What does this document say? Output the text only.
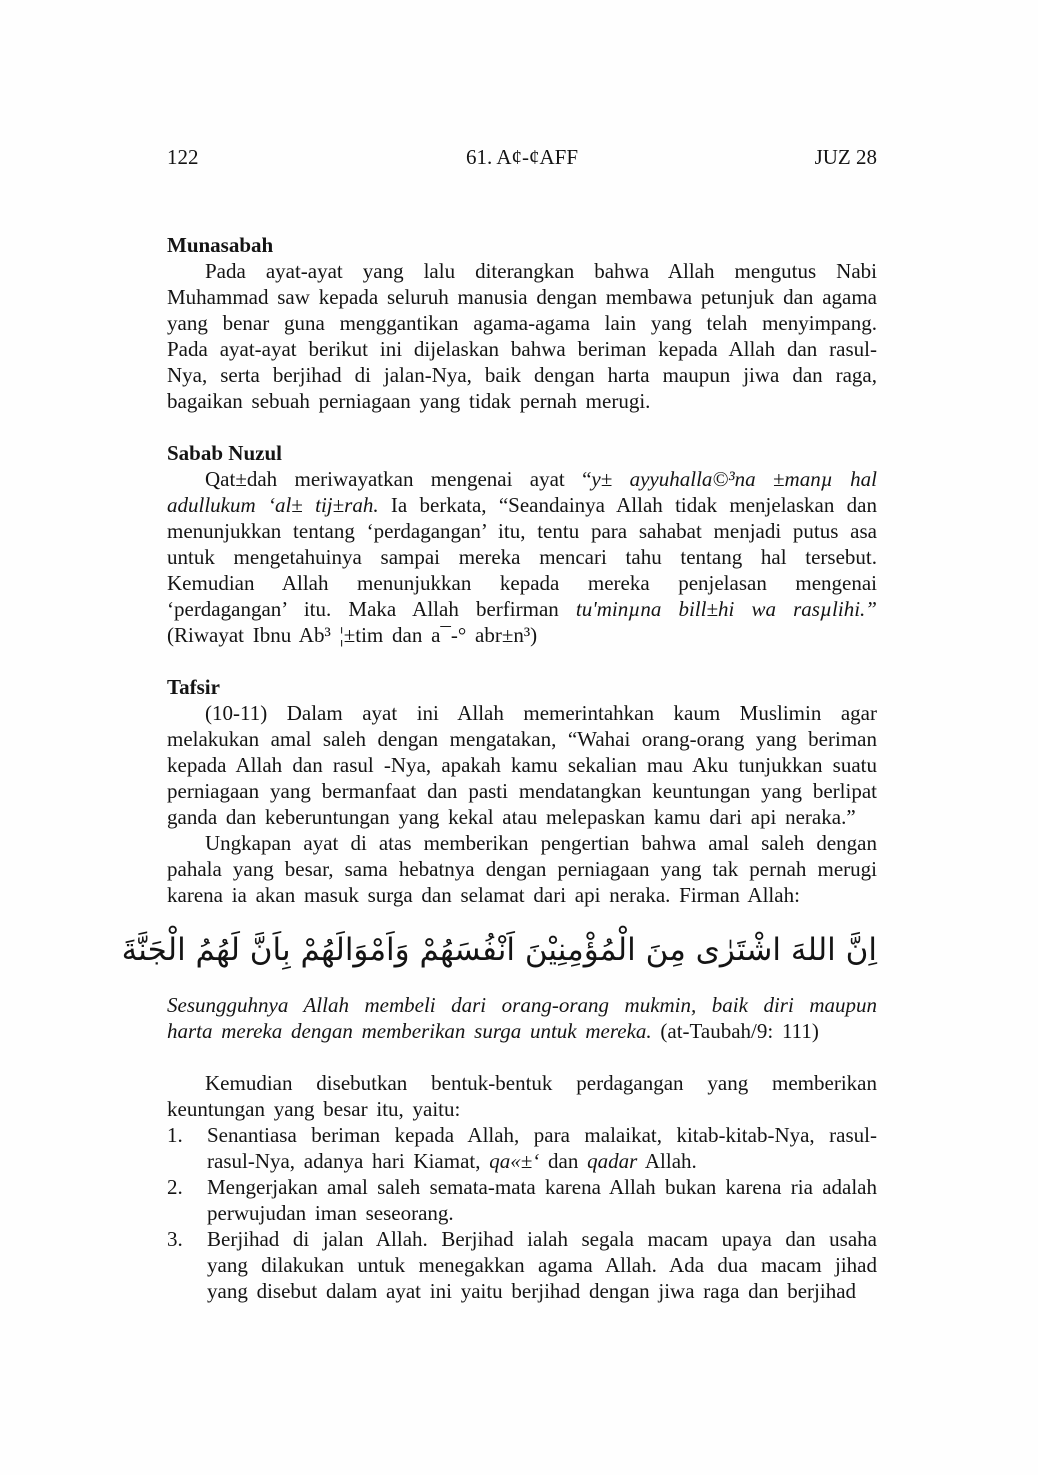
122	61. A¢-¢AFF	JUZ 28
Munasabah
Pada ayat-ayat yang lalu diterangkan bahwa Allah mengutus Nabi Muhammad saw kepada seluruh manusia dengan membawa petunjuk dan agama yang benar guna menggantikan agama-agama lain yang telah menyimpang. Pada ayat-ayat berikut ini dijelaskan bahwa beriman kepada Allah dan rasul-Nya, serta berjihad di jalan-Nya, baik dengan harta maupun jiwa dan raga, bagaikan sebuah perniagaan yang tidak pernah merugi.
Sabab Nuzul
Qat±dah meriwayatkan mengenai ayat “y± ayyuhalla©³na ±manµ hal adullukum ‘al± tij±rah. Ia berkata, “Seandainya Allah tidak menjelaskan dan menunjukkan tentang ‘perdagangan’ itu, tentu para sahabat menjadi putus asa untuk mengetahuinya sampai mereka mencari tahu tentang hal tersebut. Kemudian Allah menunjukkan kepada mereka penjelasan mengenai ‘perdagangan’ itu. Maka Allah berfirman tu'minµna bill±hi wa rasµlihi.” (Riwayat Ibnu Ab³ ¦±tim dan a¯-° abr±n³)
Tafsir
(10-11) Dalam ayat ini Allah memerintahkan kaum Muslimin agar melakukan amal saleh dengan mengatakan, “Wahai orang-orang yang beriman kepada Allah dan rasul -Nya, apakah kamu sekalian mau Aku tunjukkan suatu perniagaan yang bermanfaat dan pasti mendatangkan keuntungan yang berlipat ganda dan keberuntungan yang kekal atau melepaskan kamu dari api neraka.”
Ungkapan ayat di atas memberikan pengertian bahwa amal saleh dengan pahala yang besar, sama hebatnya dengan perniagaan yang tak pernah merugi karena ia akan masuk surga dan selamat dari api neraka. Firman Allah:
اِنَّ اللهَ اشْتَرٰى مِنَ الْمُؤْمِنِيْنَ اَنْفُسَهُمْ وَاَمْوَالَهُمْ بِاَنَّ لَهُمُ الْجَنَّةَ
Sesungguhnya Allah membeli dari orang-orang mukmin, baik diri maupun harta mereka dengan memberikan surga untuk mereka. (at-Taubah/9: 111)
Kemudian disebutkan bentuk-bentuk perdagangan yang memberikan keuntungan yang besar itu, yaitu:
1. Senantiasa beriman kepada Allah, para malaikat, kitab-kitab-Nya, rasul-rasul-Nya, adanya hari Kiamat, qa«±‘ dan qadar Allah.
2. Mengerjakan amal saleh semata-mata karena Allah bukan karena ria adalah perwujudan iman seseorang.
3. Berjihad di jalan Allah. Berjihad ialah segala macam upaya dan usaha yang dilakukan untuk menegakkan agama Allah. Ada dua macam jihad yang disebut dalam ayat ini yaitu berjihad dengan jiwa raga dan berjihad
